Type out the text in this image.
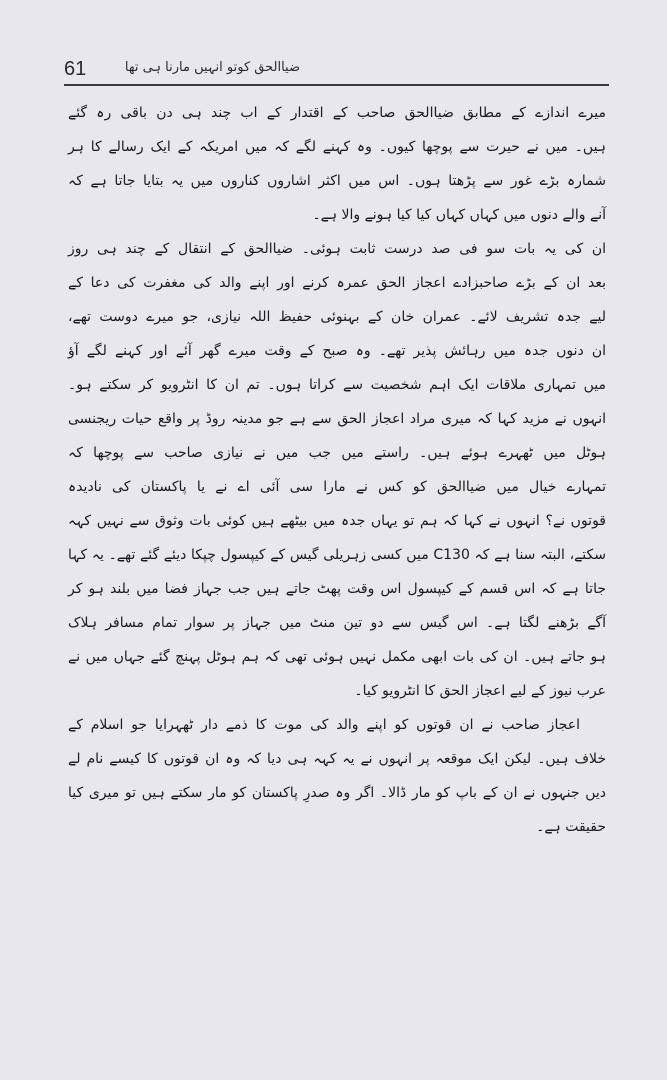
61	ضیاالحق کوتو انہیں مارنا ہی تھا
میرے اندازے کے مطابق ضیاالحق صاحب کے اقتدار کے اب چند ہی دن باقی رہ گئے
ہیں۔ میں نے حیرت سے پوچھا کیوں۔ وہ کہنے لگے کہ میں امریکہ کے ایک رسالے کا ہر
شمارہ بڑے غور سے پڑھتا ہوں۔ اس میں اکثر اشاروں کناروں میں یہ بتایا جاتا ہے کہ
آنے والے دنوں میں کہاں کہاں کیا کیا ہونے والا ہے۔
ان کی یہ بات سو فی صد درست ثابت ہوئی۔ ضیاالحق کے انتقال کے چند ہی روز
بعد ان کے بڑے صاحبزادے اعجاز الحق عمرہ کرنے اور اپنے والد کی مغفرت کی دعا کے
لیے جدہ تشریف لائے۔ عمران خان کے بہنوئی حفیظ اللہ نیازی، جو میرے دوست تھے،
ان دنوں جدہ میں رہائش پذیر تھے۔ وہ صبح کے وقت میرے گھر آئے اور کہنے لگے آؤ
میں تمہاری ملاقات ایک اہم شخصیت سے کراتا ہوں۔ تم ان کا انٹرویو کر سکتے ہو۔
انہوں نے مزید کہا کہ میری مراد اعجاز الحق سے ہے جو مدینہ روڈ پر واقع حیات ریجنسی
ہوٹل میں ٹھہرے ہوئے ہیں۔ راستے میں جب میں نے نیازی صاحب سے پوچھا کہ
تمہارے خیال میں ضیاالحق کو کس نے مارا سی آئی اے نے یا پاکستان کی نادیدہ
قوتوں نے؟ انہوں نے کہا کہ ہم تو یہاں جدہ میں بیٹھے ہیں کوئی بات وثوق سے نہیں کہہ
سکتے، البتہ سنا ہے کہ C130 میں کسی زہریلی گیس کے کیپسول چپکا دیئے گئے تھے۔ یہ کہا
جاتا ہے کہ اس قسم کے کیپسول اس وقت پھٹ جاتے ہیں جب جہاز فضا میں بلند ہو کر
آگے بڑھنے لگتا ہے۔ اس گیس سے دو تین منٹ میں جہاز پر سوار تمام مسافر ہلاک
ہو جاتے ہیں۔ ان کی بات ابھی مکمل نہیں ہوئی تھی کہ ہم ہوٹل پہنچ گئے جہاں میں نے
عرب نیوز کے لیے اعجاز الحق کا انٹرویو کیا۔
اعجاز صاحب نے ان قوتوں کو اپنے والد کی موت کا ذمے دار ٹھہرایا جو اسلام کے
خلاف ہیں۔ لیکن ایک موقعہ پر انہوں نے یہ کہہ ہی دیا کہ وہ ان قوتوں کا کیسے نام لے
دیں جنہوں نے ان کے باپ کو مار ڈالا۔ اگر وہ صدرِ پاکستان کو مار سکتے ہیں تو میری کیا
حقیقت ہے۔
